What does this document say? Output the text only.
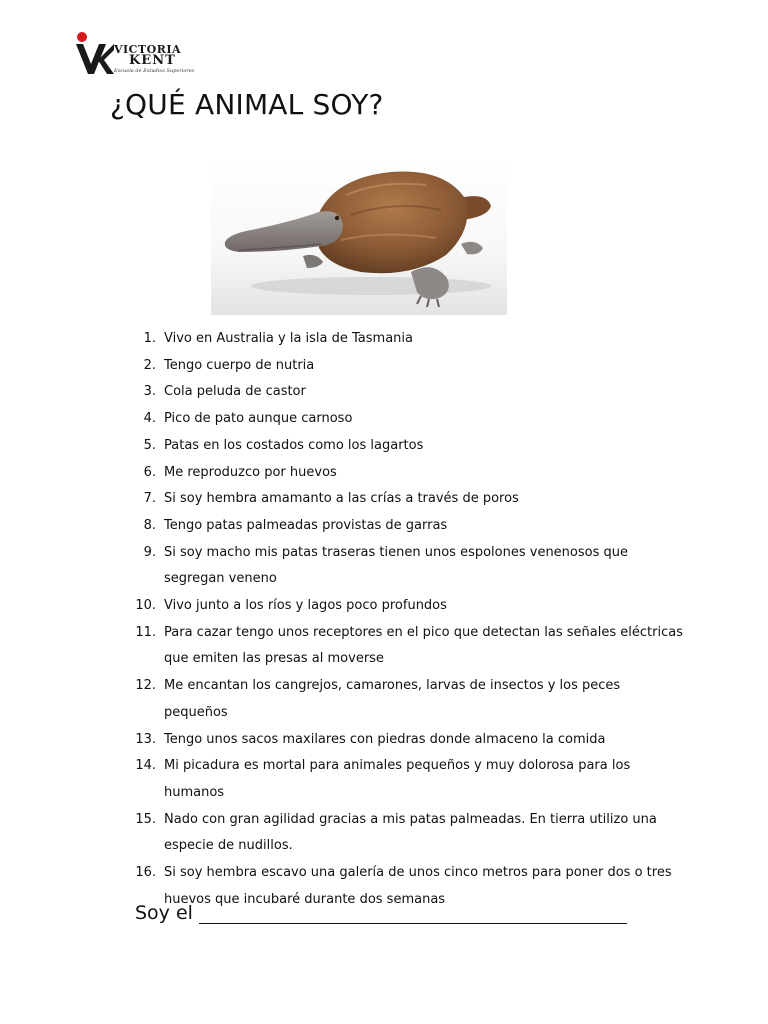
VICTORIA
KENT
Escuela de Estudios Superiores
¿QUÉ ANIMAL SOY?
1. Vivo en Australia y la isla de Tasmania
2. Tengo cuerpo de nutria
3. Cola peluda de castor
4. Pico de pato aunque carnoso
5. Patas en los costados como los lagartos
6. Me reproduzco por huevos
7. Si soy hembra amamanto a las crías a través de poros
8. Tengo patas palmeadas provistas de garras
9. Si soy macho mis patas traseras tienen unos espolones venenosos que segregan veneno
10. Vivo junto a los ríos y lagos poco profundos
11. Para cazar tengo unos receptores en el pico que detectan las señales eléctricas que emiten las presas al moverse
12. Me encantan los cangrejos, camarones, larvas de insectos y los peces pequeños
13. Tengo unos sacos maxilares con piedras donde almaceno la comida
14. Mi picadura es mortal para animales pequeños y muy dolorosa para los humanos
15. Nado con gran agilidad gracias a mis patas palmeadas. En tierra utilizo una especie de nudillos.
16. Si soy hembra escavo una galería de unos cinco metros para poner dos o tres huevos que incubaré durante dos semanas
Soy el
